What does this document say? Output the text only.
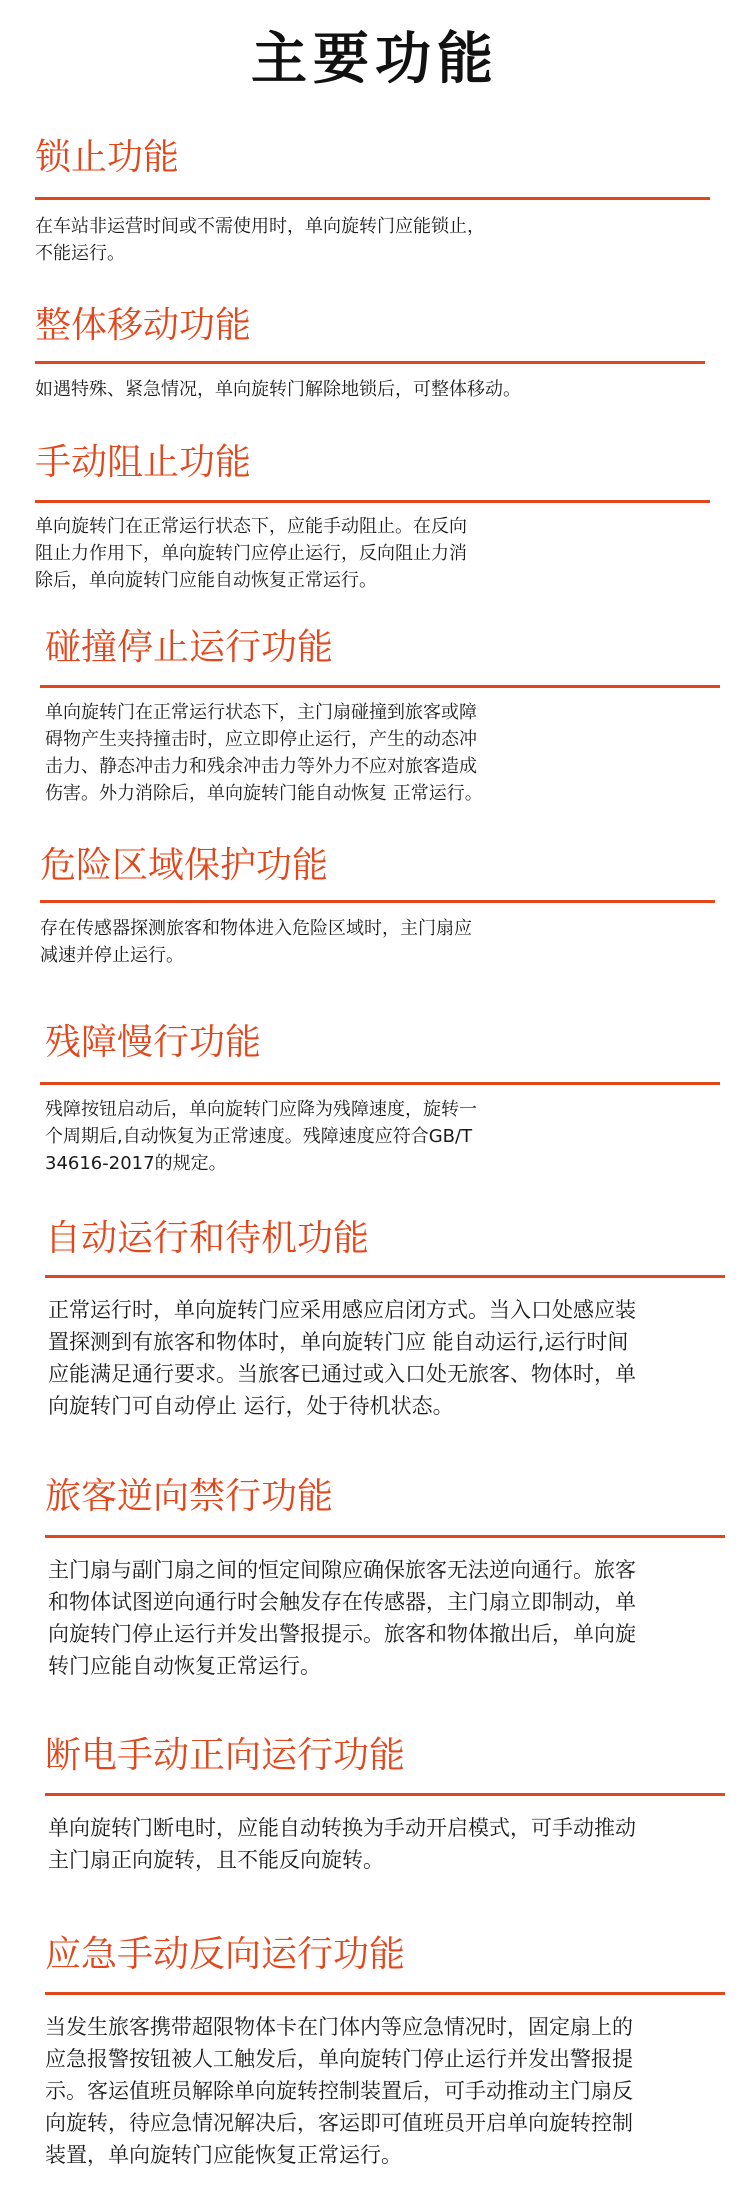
主要功能
锁止功能
在车站非运营时间或不需使用时，单向旋转门应能锁止，
不能运行。
整体移动功能
如遇特殊、紧急情况，单向旋转门解除地锁后，可整体移动。
手动阻止功能
单向旋转门在正常运行状态下，应能手动阻止。在反向
阻止力作用下，单向旋转门应停止运行，反向阻止力消
除后，单向旋转门应能自动恢复正常运行。
碰撞停止运行功能
单向旋转门在正常运行状态下，主门扇碰撞到旅客或障
碍物产生夹持撞击时，应立即停止运行，产生的动态冲
击力、静态冲击力和残余冲击力等外力不应对旅客造成
伤害。外力消除后，单向旋转门能自动恢复 正常运行。
危险区域保护功能
存在传感器探测旅客和物体进入危险区域时，主门扇应
减速并停止运行。
残障慢行功能
残障按钮启动后，单向旋转门应降为残障速度，旋转一
个周期后,自动恢复为正常速度。残障速度应符合GB/T
34616-2017的规定。
自动运行和待机功能
正常运行时，单向旋转门应采用感应启闭方式。当入口处感应装
置探测到有旅客和物体时，单向旋转门应 能自动运行,运行时间
应能满足通行要求。当旅客已通过或入口处无旅客、物体时，单
向旋转门可自动停止 运行，处于待机状态。
旅客逆向禁行功能
主门扇与副门扇之间的恒定间隙应确保旅客无法逆向通行。旅客
和物体试图逆向通行时会触发存在传感器，主门扇立即制动，单
向旋转门停止运行并发出警报提示。旅客和物体撤出后，单向旋
转门应能自动恢复正常运行。
断电手动正向运行功能
单向旋转门断电时，应能自动转换为手动开启模式，可手动推动
主门扇正向旋转，且不能反向旋转。
应急手动反向运行功能
当发生旅客携带超限物体卡在门体内等应急情况时，固定扇上的
应急报警按钮被人工触发后，单向旋转门停止运行并发出警报提
示。客运值班员解除单向旋转控制装置后，可手动推动主门扇反
向旋转，待应急情况解决后，客运即可值班员开启单向旋转控制
装置，单向旋转门应能恢复正常运行。
